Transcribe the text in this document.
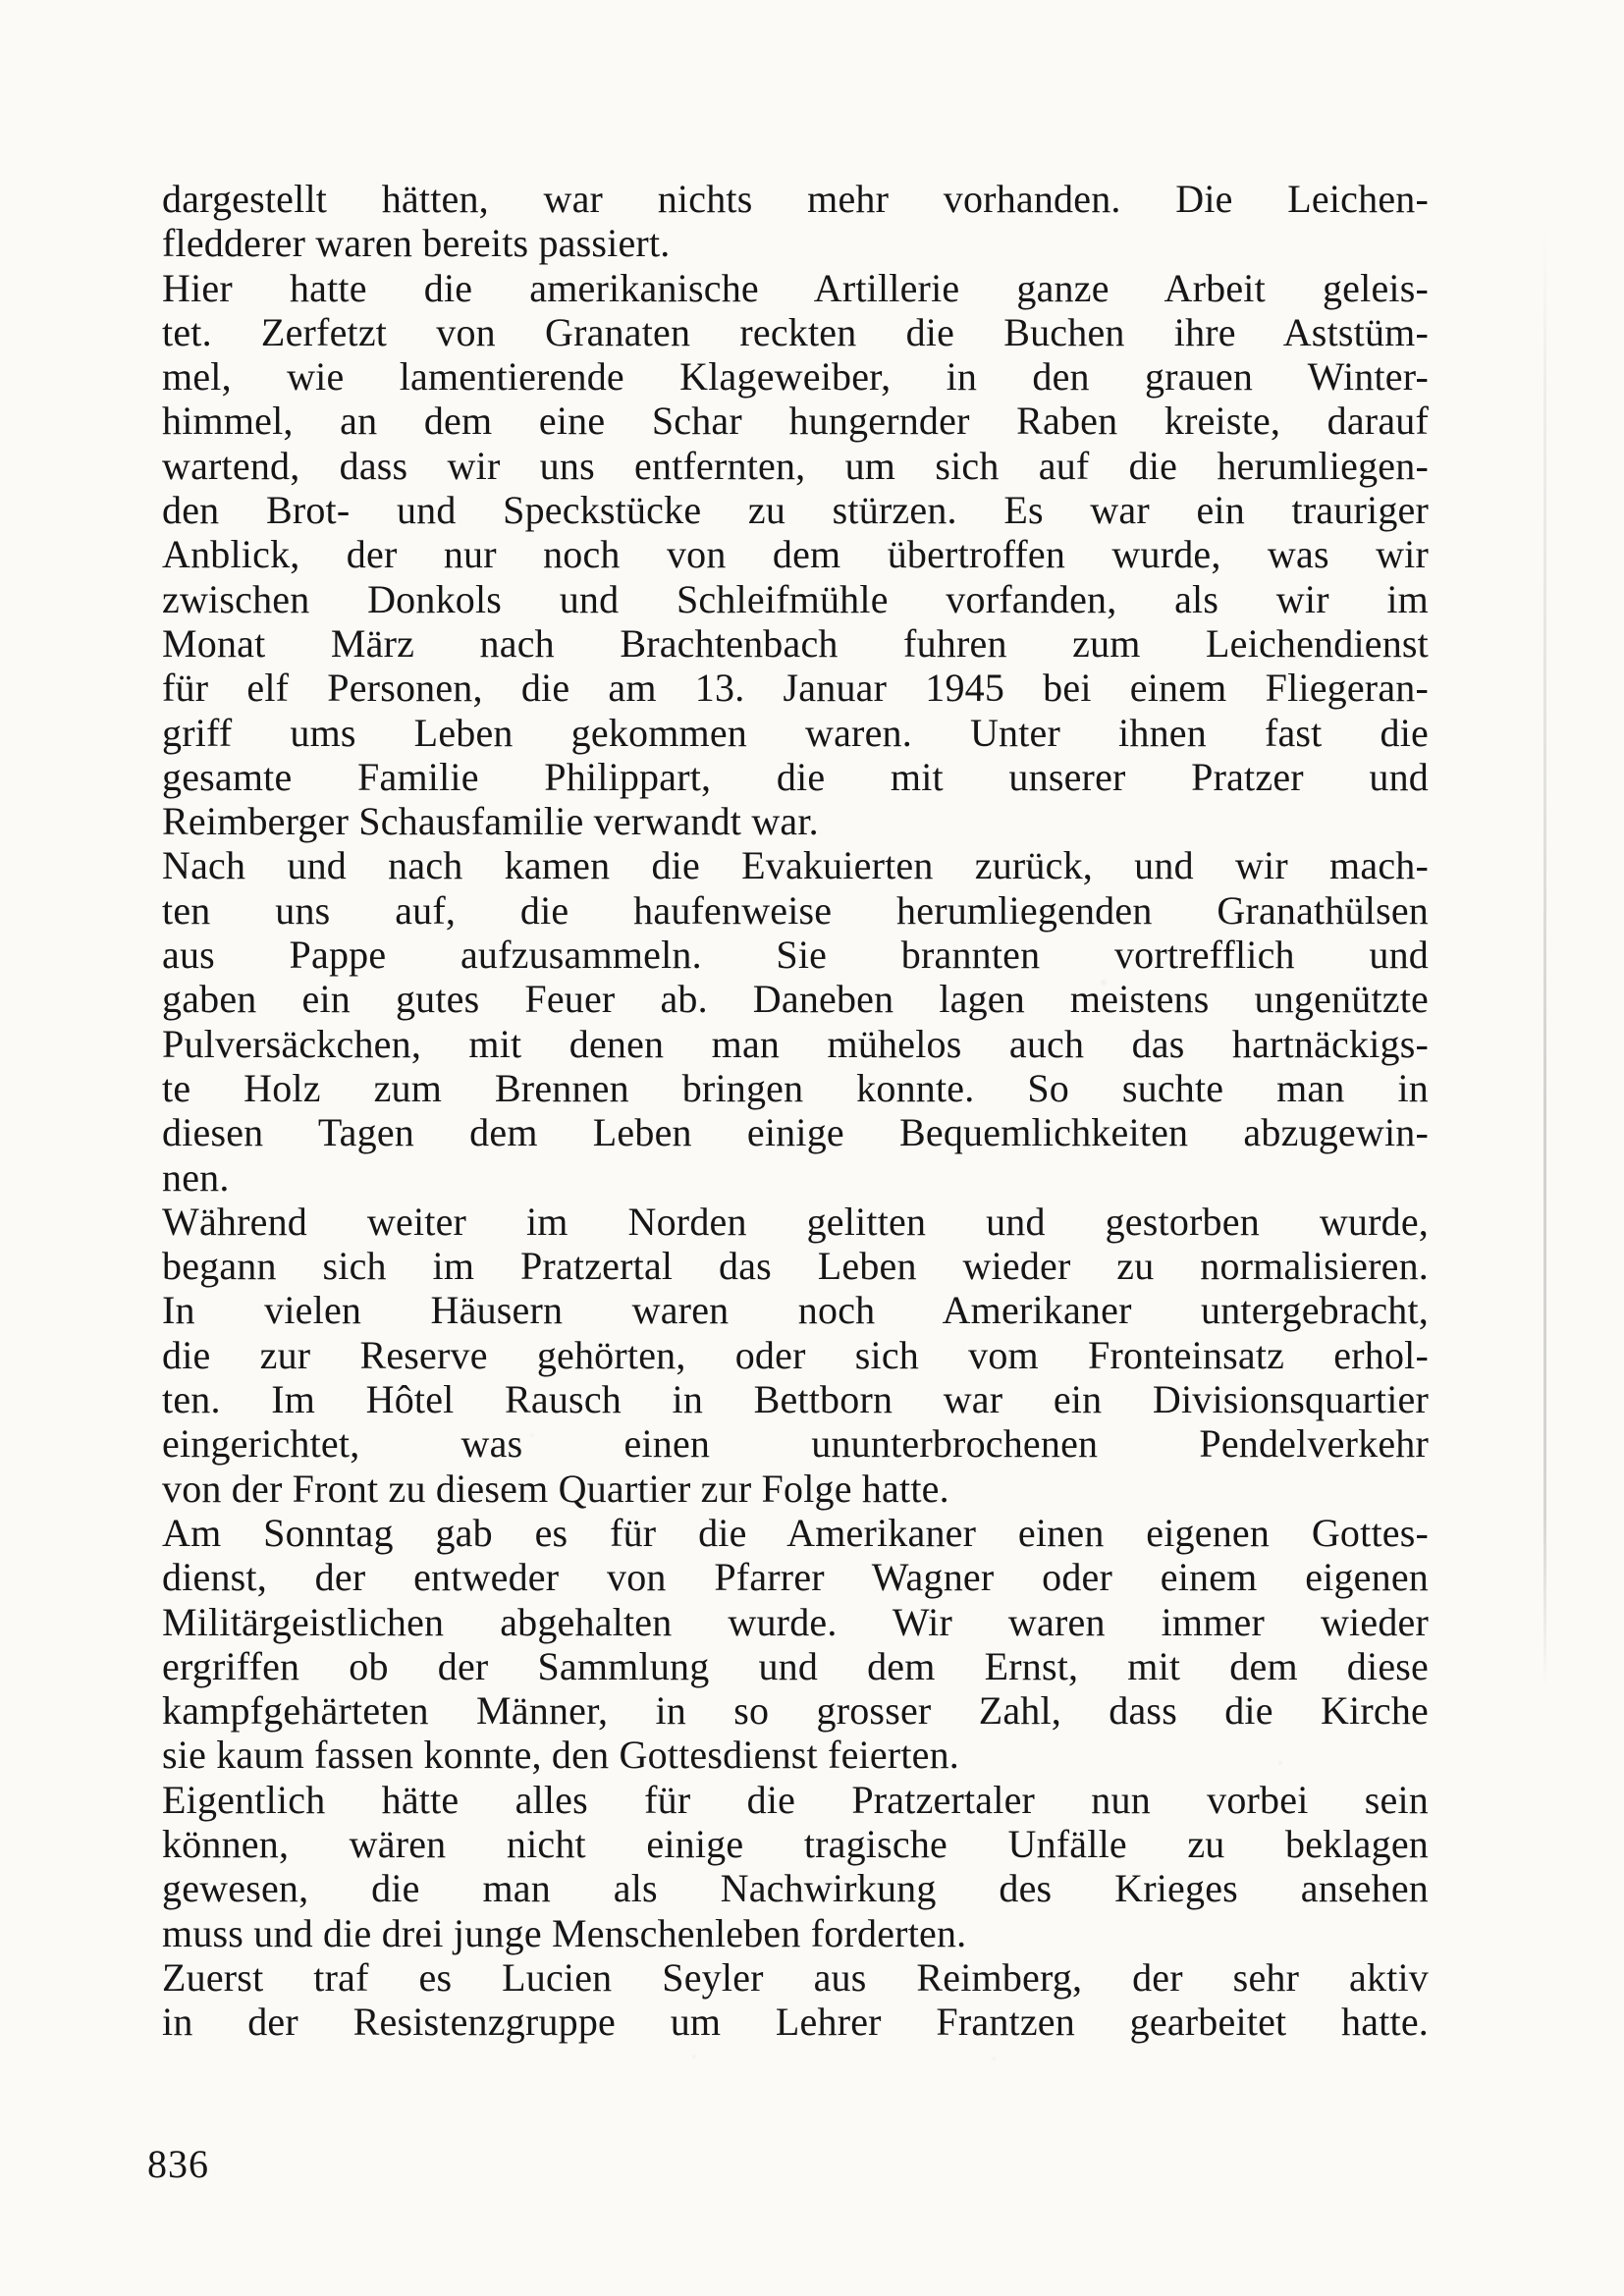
dargestellt hätten, war nichts mehr vorhanden. Die Leichen-
fledderer waren bereits passiert.
Hier hatte die amerikanische Artillerie ganze Arbeit geleis-
tet. Zerfetzt von Granaten reckten die Buchen ihre Aststüm-
mel, wie lamentierende Klageweiber, in den grauen Winter-
himmel, an dem eine Schar hungernder Raben kreiste, darauf
wartend, dass wir uns entfernten, um sich auf die herumliegen-
den Brot- und Speckstücke zu stürzen. Es war ein trauriger
Anblick, der nur noch von dem übertroffen wurde, was wir
zwischen Donkols und Schleifmühle vorfanden, als wir im
Monat März nach Brachtenbach fuhren zum Leichendienst
für elf Personen, die am 13. Januar 1945 bei einem Fliegeran-
griff ums Leben gekommen waren. Unter ihnen fast die
gesamte Familie Philippart, die mit unserer Pratzer und
Reimberger Schausfamilie verwandt war.
Nach und nach kamen die Evakuierten zurück, und wir mach-
ten uns auf, die haufenweise herumliegenden Granathülsen
aus Pappe aufzusammeln. Sie brannten vortrefflich und
gaben ein gutes Feuer ab. Daneben lagen meistens ungenützte
Pulversäckchen, mit denen man mühelos auch das hartnäckigs-
te Holz zum Brennen bringen konnte. So suchte man in
diesen Tagen dem Leben einige Bequemlichkeiten abzugewin-
nen.
Während weiter im Norden gelitten und gestorben wurde,
begann sich im Pratzertal das Leben wieder zu normalisieren.
In vielen Häusern waren noch Amerikaner untergebracht,
die zur Reserve gehörten, oder sich vom Fronteinsatz erhol-
ten. Im Hôtel Rausch in Bettborn war ein Divisionsquartier
eingerichtet, was einen ununterbrochenen Pendelverkehr
von der Front zu diesem Quartier zur Folge hatte.
Am Sonntag gab es für die Amerikaner einen eigenen Gottes-
dienst, der entweder von Pfarrer Wagner oder einem eigenen
Militärgeistlichen abgehalten wurde. Wir waren immer wieder
ergriffen ob der Sammlung und dem Ernst, mit dem diese
kampfgehärteten Männer, in so grosser Zahl, dass die Kirche
sie kaum fassen konnte, den Gottesdienst feierten.
Eigentlich hätte alles für die Pratzertaler nun vorbei sein
können, wären nicht einige tragische Unfälle zu beklagen
gewesen, die man als Nachwirkung des Krieges ansehen
muss und die drei junge Menschenleben forderten.
Zuerst traf es Lucien Seyler aus Reimberg, der sehr aktiv
in der Resistenzgruppe um Lehrer Frantzen gearbeitet hatte.
836
